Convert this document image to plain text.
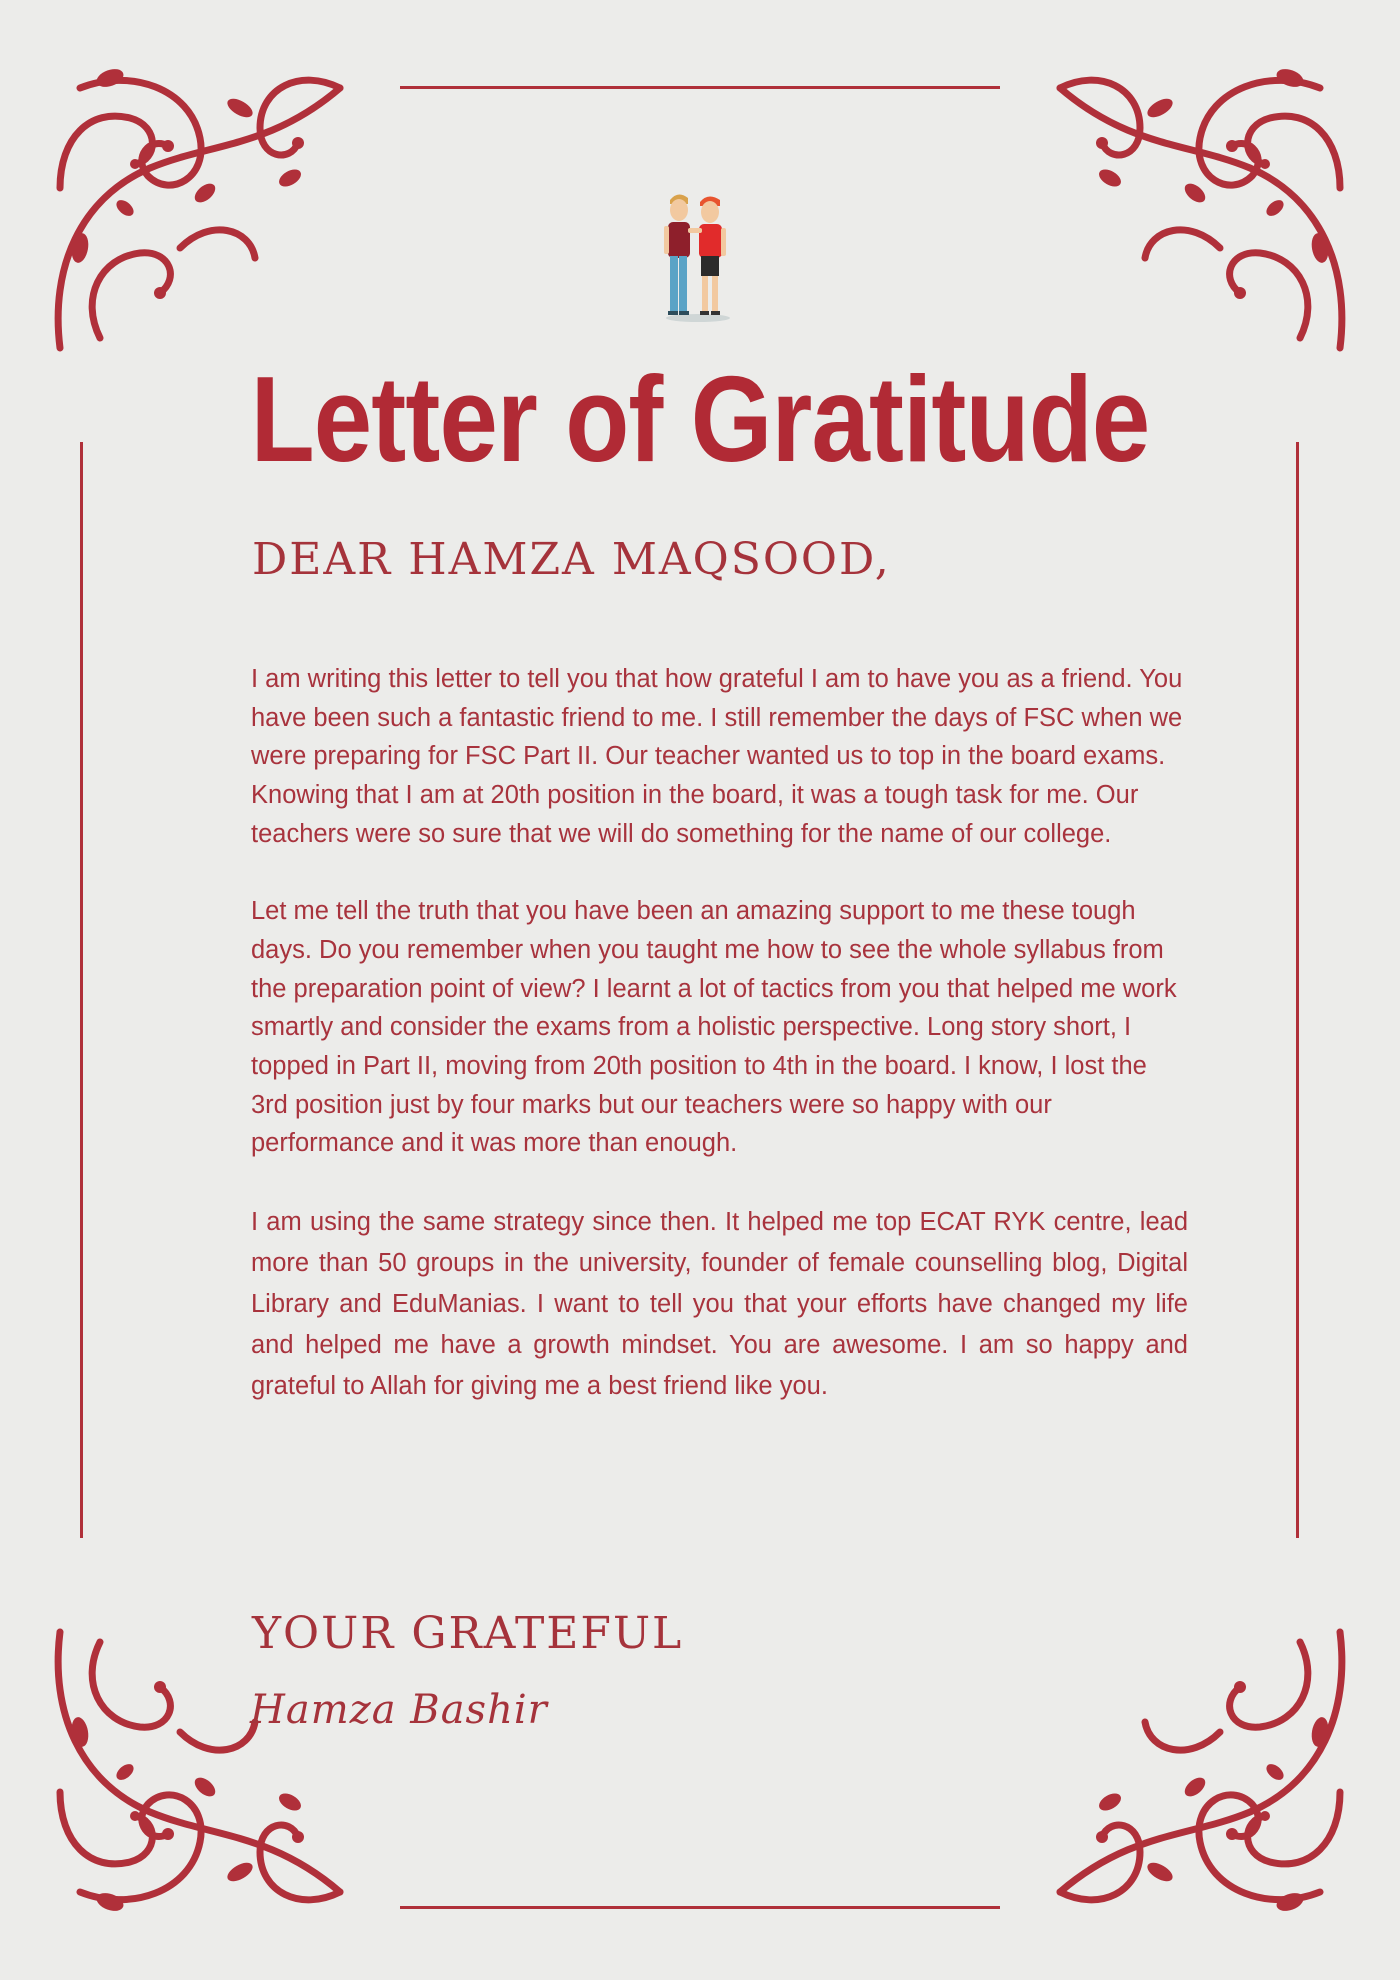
Letter of Gratitude
DEAR HAMZA MAQSOOD,

I am writing this letter to tell you that how grateful I am to have you as a friend. You have been such a fantastic friend to me. I still remember the days of FSC when we were preparing for FSC Part II. Our teacher wanted us to top in the board exams. Knowing that I am at 20th position in the board, it was a tough task for me. Our teachers were so sure that we will do something for the name of our college.

Let me tell the truth that you have been an amazing support to me these tough days. Do you remember when you taught me how to see the whole syllabus from the preparation point of view? I learnt a lot of tactics from you that helped me work smartly and consider the exams from a holistic perspective. Long story short, I topped in Part II, moving from 20th position to 4th in the board. I know, I lost the 3rd position just by four marks but our teachers were so happy with our performance and it was more than enough.

I am using the same strategy since then. It helped me top ECAT RYK centre, lead more than 50 groups in the university, founder of female counselling blog, Digital Library and EduManias. I want to tell you that your efforts have changed my life and helped me have a growth mindset. You are awesome. I am so happy and grateful to Allah for giving me a best friend like you.

YOUR GRATEFUL
Hamza Bashir
